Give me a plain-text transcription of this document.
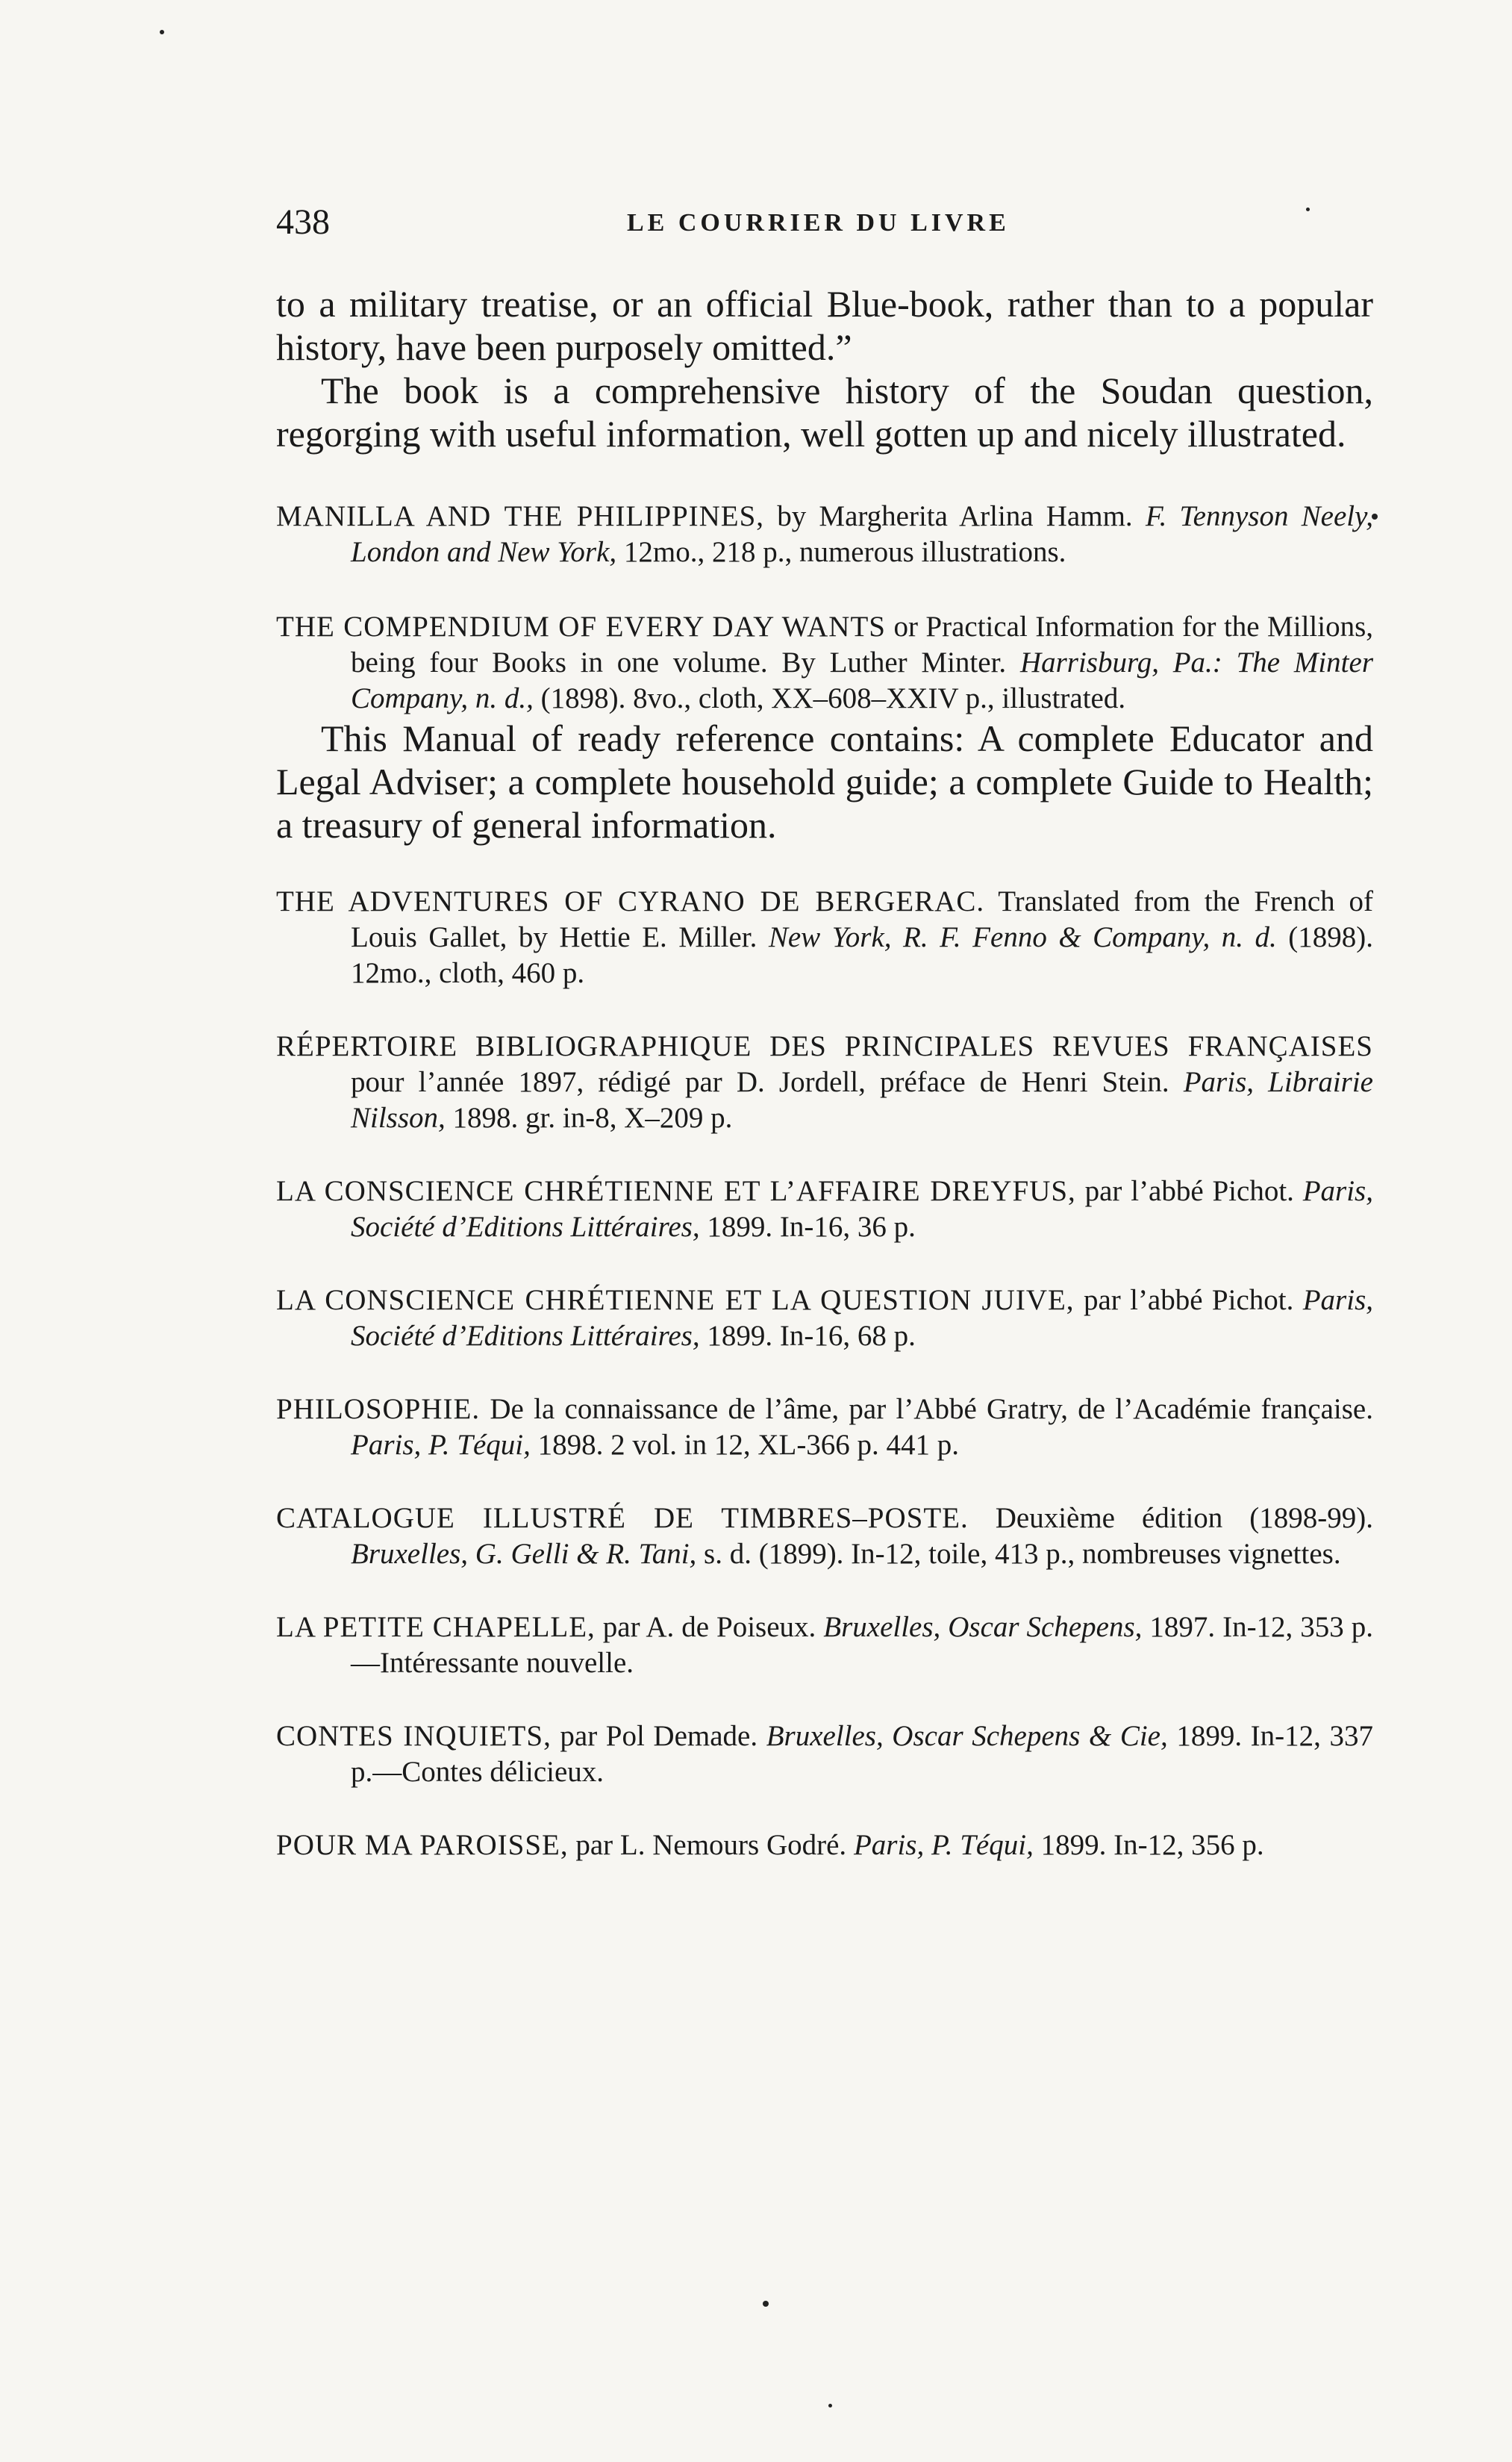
438	LE COURRIER DU LIVRE

to a military treatise, or an official Blue-book, rather than to a popular history, have been purposely omitted.”

The book is a comprehensive history of the Soudan question, regorging with useful information, well gotten up and nicely illustrated.

MANILLA AND THE PHILIPPINES, by Margherita Arlina Hamm. F. Tennyson Neely, London and New York, 12mo., 218 p., numerous illustrations.

THE COMPENDIUM OF EVERY DAY WANTS or Practical Information for the Millions, being four Books in one volume. By Luther Minter. Harrisburg, Pa.: The Minter Company, n. d., (1898). 8vo., cloth, XX–608–XXIV p., illustrated.

This Manual of ready reference contains: A complete Educator and Legal Adviser; a complete household guide; a complete Guide to Health; a treasury of general information.

THE ADVENTURES OF CYRANO DE BERGERAC. Translated from the French of Louis Gallet, by Hettie E. Miller. New York, R. F. Fenno & Company, n. d. (1898). 12mo., cloth, 460 p.

RÉPERTOIRE BIBLIOGRAPHIQUE DES PRINCIPALES REVUES FRANÇAISES pour l’année 1897, rédigé par D. Jordell, préface de Henri Stein. Paris, Librairie Nilsson, 1898. gr. in-8, X–209 p.

LA CONSCIENCE CHRÉTIENNE ET L’AFFAIRE DREYFUS, par l’abbé Pichot. Paris, Société d’Editions Littéraires, 1899. In-16, 36 p.

LA CONSCIENCE CHRÉTIENNE ET LA QUESTION JUIVE, par l’abbé Pichot. Paris, Société d’Editions Littéraires, 1899. In-16, 68 p.

PHILOSOPHIE. De la connaissance de l’âme, par l’Abbé Gratry, de l’Académie française. Paris, P. Téqui, 1898. 2 vol. in 12, XL-366 p. 441 p.

CATALOGUE ILLUSTRÉ DE TIMBRES–POSTE. Deuxième édition (1898-99). Bruxelles, G. Gelli & R. Tani, s. d. (1899). In-12, toile, 413 p., nombreuses vignettes.

LA PETITE CHAPELLE, par A. de Poiseux. Bruxelles, Oscar Schepens, 1897. In-12, 353 p.—Intéressante nouvelle.

CONTES INQUIETS, par Pol Demade. Bruxelles, Oscar Schepens & Cie, 1899. In-12, 337 p.—Contes délicieux.

POUR MA PAROISSE, par L. Nemours Godré. Paris, P. Téqui, 1899. In-12, 356 p.
